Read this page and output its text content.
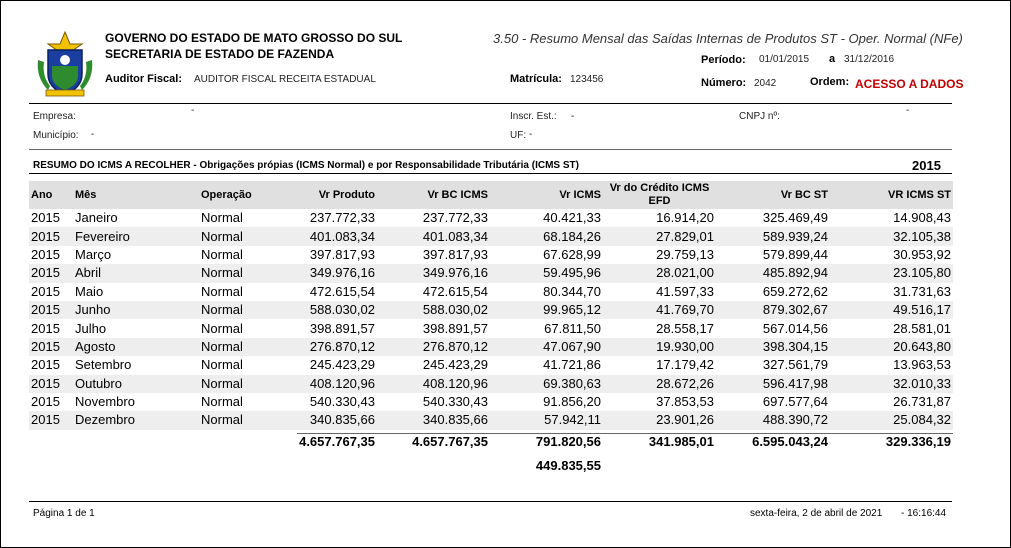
GOVERNO DO ESTADO DE MATO GROSSO DO SUL
SECRETARIA DE ESTADO DE FAZENDA
3.50 - Resumo Mensal das Saídas Internas de Produtos ST - Oper. Normal (NFe)
Auditor Fiscal: AUDITOR FISCAL RECEITA ESTADUAL	Matrícula: 123456
Período: 01/01/2015 a 31/12/2016
Número: 2042	Ordem: ACESSO A DADOS
Empresa:
-
Inscr. Est.: -	CNPJ nº:
-
Município: -	UF: -
RESUMO DO ICMS A RECOLHER - Obrigações própias (ICMS Normal) e por Responsabilidade Tributária (ICMS ST)	2015
Ano	Mês	Operação	Vr Produto	Vr BC ICMS	Vr ICMS	Vr do Crédito ICMS EFD	Vr BC ST	VR ICMS ST
2015	Janeiro	Normal	237.772,33	237.772,33	40.421,33	16.914,20	325.469,49	14.908,43
2015	Fevereiro	Normal	401.083,34	401.083,34	68.184,26	27.829,01	589.939,24	32.105,38
2015	Março	Normal	397.817,93	397.817,93	67.628,99	29.759,13	579.899,44	30.953,92
2015	Abril	Normal	349.976,16	349.976,16	59.495,96	28.021,00	485.892,94	23.105,80
2015	Maio	Normal	472.615,54	472.615,54	80.344,70	41.597,33	659.272,62	31.731,63
2015	Junho	Normal	588.030,02	588.030,02	99.965,12	41.769,70	879.302,67	49.516,17
2015	Julho	Normal	398.891,57	398.891,57	67.811,50	28.558,17	567.014,56	28.581,01
2015	Agosto	Normal	276.870,12	276.870,12	47.067,90	19.930,00	398.304,15	20.643,80
2015	Setembro	Normal	245.423,29	245.423,29	41.721,86	17.179,42	327.561,79	13.963,53
2015	Outubro	Normal	408.120,96	408.120,96	69.380,63	28.672,26	596.417,98	32.010,33
2015	Novembro	Normal	540.330,43	540.330,43	91.856,20	37.853,53	697.577,64	26.731,87
2015	Dezembro	Normal	340.835,66	340.835,66	57.942,11	23.901,26	488.390,72	25.084,32
			4.657.767,35	4.657.767,35	791.820,56	341.985,01	6.595.043,24	329.336,19
					449.835,55			
Página 1 de 1	sexta-feira, 2 de abril de 2021 - 16:16:44
